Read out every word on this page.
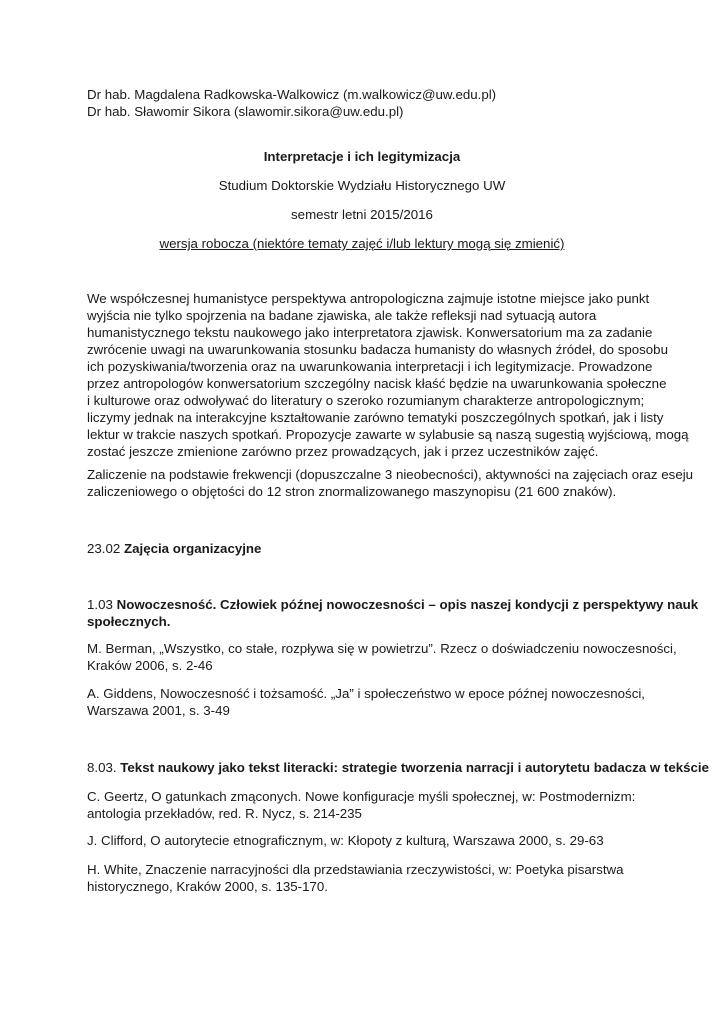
Dr hab. Magdalena Radkowska-Walkowicz (m.walkowicz@uw.edu.pl)
Dr hab. Sławomir Sikora (slawomir.sikora@uw.edu.pl)
Interpretacje i ich legitymizacja
Studium Doktorskie Wydziału Historycznego UW
semestr letni 2015/2016
wersja robocza (niektóre tematy zajęć i/lub lektury mogą się zmienić)
We współczesnej humanistyce perspektywa antropologiczna zajmuje istotne miejsce jako punkt
wyjścia nie tylko spojrzenia na badane zjawiska, ale także refleksji nad sytuacją autora
humanistycznego tekstu naukowego jako interpretatora zjawisk. Konwersatorium ma za zadanie
zwrócenie uwagi na uwarunkowania stosunku badacza humanisty do własnych źródeł, do sposobu
ich pozyskiwania/tworzenia oraz na uwarunkowania interpretacji i ich legitymizacje. Prowadzone
przez antropologów konwersatorium szczególny nacisk kłaść będzie na uwarunkowania społeczne
i kulturowe oraz odwoływać do literatury o szeroko rozumianym charakterze antropologicznym;
liczymy jednak na interakcyjne kształtowanie zarówno tematyki poszczególnych spotkań, jak i listy
lektur w trakcie naszych spotkań. Propozycje zawarte w sylabusie są naszą sugestią wyjściową, mogą
zostać jeszcze zmienione zarówno przez prowadzących, jak i przez uczestników zajęć.
Zaliczenie na podstawie frekwencji (dopuszczalne 3 nieobecności), aktywności na zajęciach oraz eseju
zaliczeniowego o objętości do 12 stron znormalizowanego maszynopisu (21 600 znaków).
23.02 Zajęcia organizacyjne
1.03 Nowoczesność. Człowiek późnej nowoczesności – opis naszej kondycji z perspektywy nauk
społecznych.
M. Berman, „Wszystko, co stałe, rozpływa się w powietrzu”. Rzecz o doświadczeniu nowoczesności,
Kraków 2006, s. 2-46
A. Giddens, Nowoczesność i tożsamość. „Ja” i społeczeństwo w epoce późnej nowoczesności,
Warszawa 2001, s. 3-49
8.03. Tekst naukowy jako tekst literacki: strategie tworzenia narracji i autorytetu badacza w tekście
C. Geertz, O gatunkach zmąconych. Nowe konfiguracje myśli społecznej, w: Postmodernizm:
antologia przekładów, red. R. Nycz, s. 214-235
J. Clifford, O autorytecie etnograficznym, w: Kłopoty z kulturą, Warszawa 2000, s. 29-63
H. White, Znaczenie narracyjności dla przedstawiania rzeczywistości, w: Poetyka pisarstwa
historycznego, Kraków 2000, s. 135-170.
